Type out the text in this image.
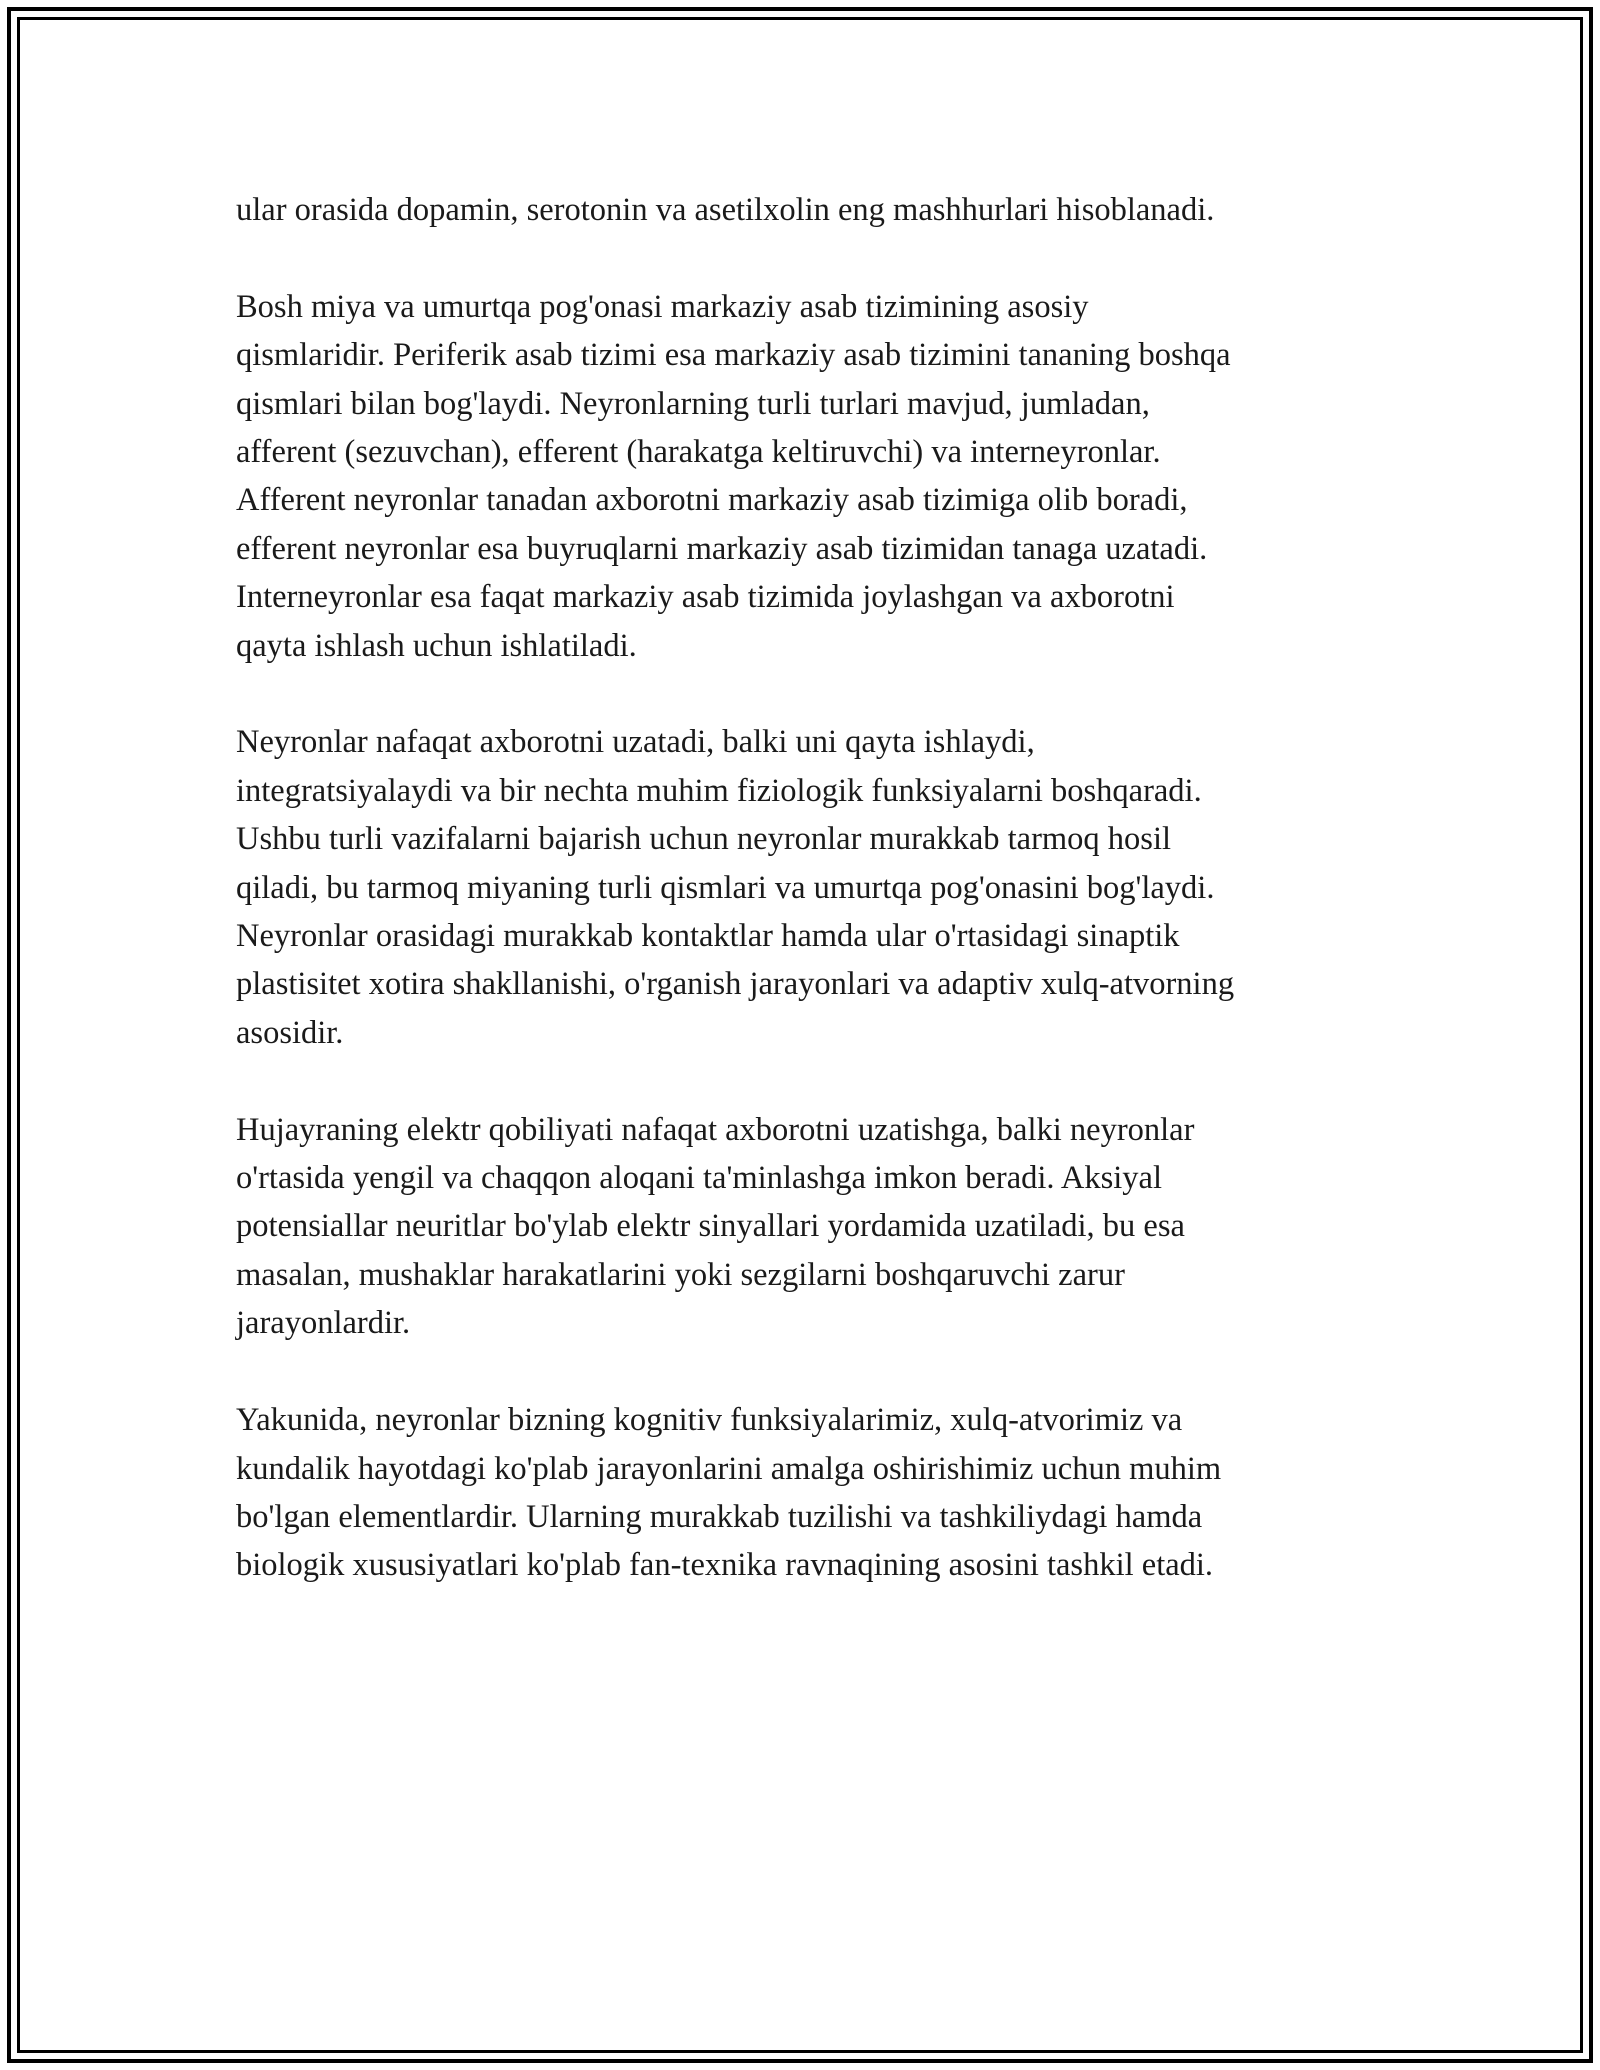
ular orasida dopamin, serotonin va asetilxolin eng mashhurlari hisoblanadi.

Bosh miya va umurtqa pog'onasi markaziy asab tizimining asosiy
qismlaridir. Periferik asab tizimi esa markaziy asab tizimini tananing boshqa
qismlari bilan bog'laydi. Neyronlarning turli turlari mavjud, jumladan,
afferent (sezuvchan), efferent (harakatga keltiruvchi) va interneyronlar.
Afferent neyronlar tanadan axborotni markaziy asab tizimiga olib boradi,
efferent neyronlar esa buyruqlarni markaziy asab tizimidan tanaga uzatadi.
Interneyronlar esa faqat markaziy asab tizimida joylashgan va axborotni
qayta ishlash uchun ishlatiladi.

Neyronlar nafaqat axborotni uzatadi, balki uni qayta ishlaydi,
integratsiyalaydi va bir nechta muhim fiziologik funksiyalarni boshqaradi.
Ushbu turli vazifalarni bajarish uchun neyronlar murakkab tarmoq hosil
qiladi, bu tarmoq miyaning turli qismlari va umurtqa pog'onasini bog'laydi.
Neyronlar orasidagi murakkab kontaktlar hamda ular o'rtasidagi sinaptik
plastisitet xotira shakllanishi, o'rganish jarayonlari va adaptiv xulq-atvorning
asosidir.

Hujayraning elektr qobiliyati nafaqat axborotni uzatishga, balki neyronlar
o'rtasida yengil va chaqqon aloqani ta'minlashga imkon beradi. Aksiyal
potensiallar neuritlar bo'ylab elektr sinyallari yordamida uzatiladi, bu esa
masalan, mushaklar harakatlarini yoki sezgilarni boshqaruvchi zarur
jarayonlardir.

Yakunida, neyronlar bizning kognitiv funksiyalarimiz, xulq-atvorimiz va
kundalik hayotdagi ko'plab jarayonlarini amalga oshirishimiz uchun muhim
bo'lgan elementlardir. Ularning murakkab tuzilishi va tashkiliydagi hamda
biologik xususiyatlari ko'plab fan-texnika ravnaqining asosini tashkil etadi.
